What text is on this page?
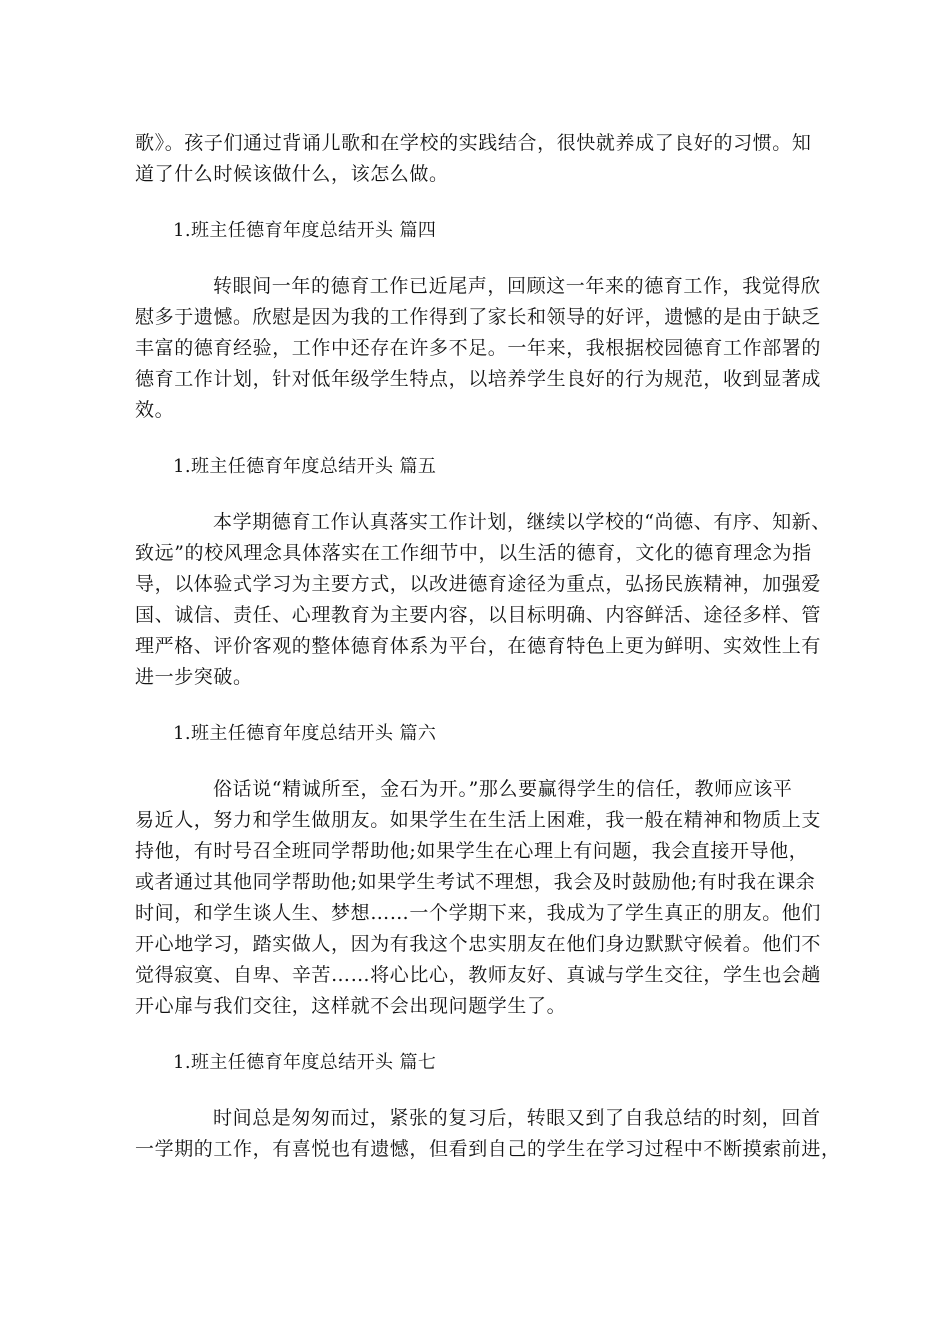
歌》。孩子们通过背诵儿歌和在学校的实践结合，很快就养成了良好的习惯。知
道了什么时候该做什么，该怎么做。
1.班主任德育年度总结开头 篇四
转眼间一年的德育工作已近尾声，回顾这一年来的德育工作，我觉得欣
慰多于遗憾。欣慰是因为我的工作得到了家长和领导的好评，遗憾的是由于缺乏
丰富的德育经验，工作中还存在许多不足。一年来，我根据校园德育工作部署的
德育工作计划，针对低年级学生特点，以培养学生良好的行为规范，收到显著成
效。
1.班主任德育年度总结开头 篇五
本学期德育工作认真落实工作计划，继续以学校的“尚德、有序、知新、
致远”的校风理念具体落实在工作细节中，以生活的德育，文化的德育理念为指
导，以体验式学习为主要方式，以改进德育途径为重点，弘扬民族精神，加强爱
国、诚信、责任、心理教育为主要内容，以目标明确、内容鲜活、途径多样、管
理严格、评价客观的整体德育体系为平台，在德育特色上更为鲜明、实效性上有
进一步突破。
1.班主任德育年度总结开头 篇六
俗话说“精诚所至，金石为开。”那么要赢得学生的信任，教师应该平
易近人，努力和学生做朋友。如果学生在生活上困难，我一般在精神和物质上支
持他，有时号召全班同学帮助他;如果学生在心理上有问题，我会直接开导他，
或者通过其他同学帮助他;如果学生考试不理想，我会及时鼓励他;有时我在课余
时间，和学生谈人生、梦想……一个学期下来，我成为了学生真正的朋友。他们
开心地学习，踏实做人，因为有我这个忠实朋友在他们身边默默守候着。他们不
觉得寂寞、自卑、辛苦……将心比心，教师友好、真诚与学生交往，学生也会趟
开心扉与我们交往，这样就不会出现问题学生了。
1.班主任德育年度总结开头 篇七
时间总是匆匆而过，紧张的复习后，转眼又到了自我总结的时刻，回首
一学期的工作，有喜悦也有遗憾，但看到自己的学生在学习过程中不断摸索前进，
